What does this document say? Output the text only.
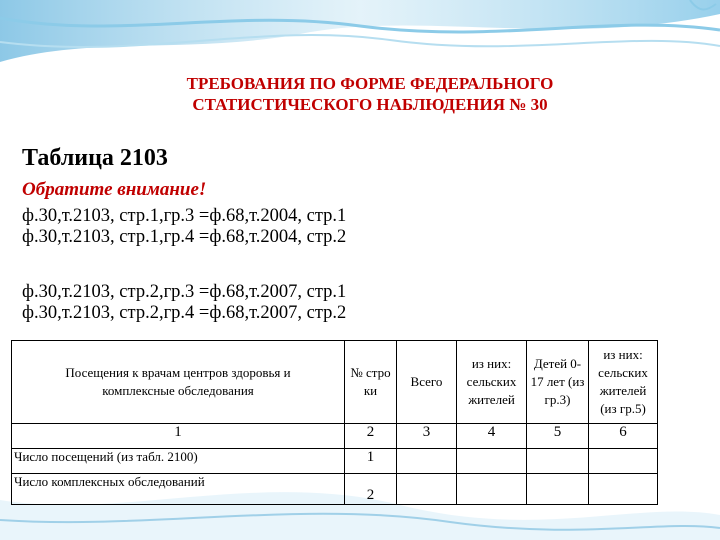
ТРЕБОВАНИЯ ПО ФОРМЕ ФЕДЕРАЛЬНОГО
СТАТИСТИЧЕСКОГО НАБЛЮДЕНИЯ № 30
Таблица 2103
Обратите внимание!
ф.30,т.2103, стр.1,гр.3 =ф.68,т.2004, стр.1
ф.30,т.2103, стр.1,гр.4 =ф.68,т.2004, стр.2
ф.30,т.2103, стр.2,гр.3 =ф.68,т.2007, стр.1
ф.30,т.2103, стр.2,гр.4 =ф.68,т.2007, стр.2
Посещения к врачам центров здоровья и комплексные обследования	№ стро ки	Всего	из них: сельских жителей	Детей 0-17 лет (из гр.3)	из них: сельских жителей (из гр.5)
1	2	3	4	5	6
Число посещений (из табл. 2100)	1				
Число комплексных обследований	2				
